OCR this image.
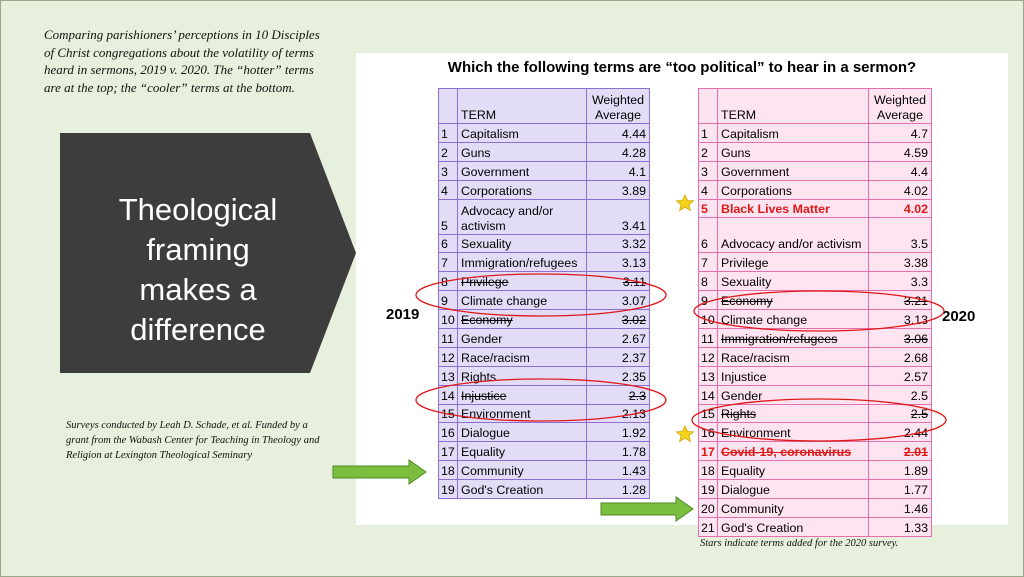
Comparing parishioners’ perceptions in 10 Disciples of Christ congregations about the volatility of terms heard in sermons, 2019 v. 2020. The “hotter” terms are at the top; the “cooler” terms at the bottom.
Theological
framing
makes a
difference
Surveys conducted by Leah D. Schade, et al. Funded by a grant from the Wabash Center for Teaching in Theology and Religion at Lexington Theological Seminary
Which the following terms are “too political” to hear in a sermon?
2019	2020
	TERM	Weighted Average
1	Capitalism	4.44
2	Guns	4.28
3	Government	4.1
4	Corporations	3.89
5	Advocacy and/or activism	3.41
6	Sexuality	3.32
7	Immigration/refugees	3.13
8	Privilege	3.11
9	Climate change	3.07
10	Economy	3.02
11	Gender	2.67
12	Race/racism	2.37
13	Rights	2.35
14	Injustice	2.3
15	Environment	2.13
16	Dialogue	1.92
17	Equality	1.78
18	Community	1.43
19	God's Creation	1.28
	TERM	Weighted Average
1	Capitalism	4.7
2	Guns	4.59
3	Government	4.4
4	Corporations	4.02
5	Black Lives Matter	4.02
6	Advocacy and/or activism	3.5
7	Privilege	3.38
8	Sexuality	3.3
9	Economy	3.21
10	Climate change	3.13
11	Immigration/refugees	3.06
12	Race/racism	2.68
13	Injustice	2.57
14	Gender	2.5
15	Rights	2.5
16	Environment	2.44
17	Covid-19, coronavirus	2.01
18	Equality	1.89
19	Dialogue	1.77
20	Community	1.46
21	God's Creation	1.33
Stars indicate terms added for the 2020 survey.
